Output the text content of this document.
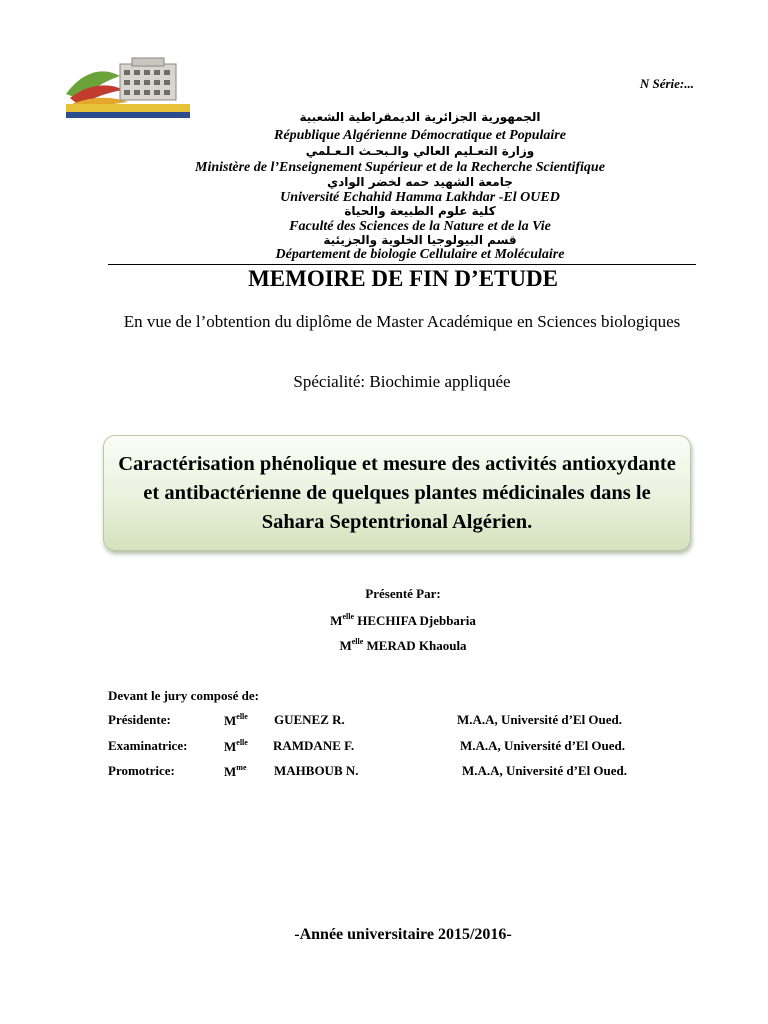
N Série:...
الجمهورية الجزائرية الديمقراطية الشعبية
République Algérienne Démocratique et Populaire
وزارة التعـليم العالي والـبحـث الـعـلمي
Ministère de l’Enseignement Supérieur et de la Recherche Scientifique
جامعة الشهيد حمه لخضر الوادي
Université Echahid Hamma Lakhdar -El OUED
كلية علوم الطبيعة والحياة
Faculté des Sciences de la Nature et de la Vie
قسم البيولوجيا الخلوية والجزيئية
Département de biologie Cellulaire et Moléculaire
MEMOIRE DE FIN D’ETUDE
En vue de l’obtention du diplôme de Master Académique en Sciences biologiques
Spécialité: Biochimie appliquée
Caractérisation phénolique et mesure des activités antioxydante et antibactérienne de quelques plantes médicinales dans le Sahara Septentrional Algérien.
Présenté Par:
$M^{elle}$ HECHIFA Djebbaria
$M^{elle}$ MERAD Khaoula
Devant le jury composé de:
Présidente:	$M^{elle}$ GUENEZ R.	M.A.A, Université d’El Oued.
Examinatrice:	$M^{elle}$ RAMDANE F.	M.A.A, Université d’El Oued.
Promotrice:	$M^{me}$ MAHBOUB N.	M.A.A, Université d’El Oued.
-Année universitaire 2015/2016-
